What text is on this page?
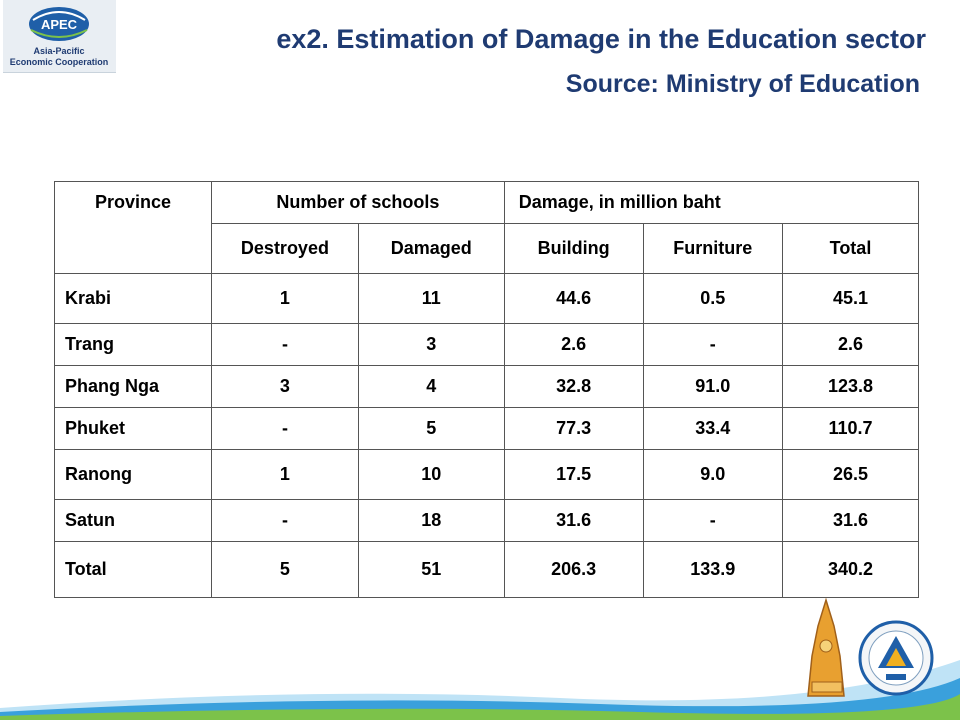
APEC
Asia-Pacific
Economic Cooperation
ex2. Estimation of Damage in the Education sector
Source: Ministry of Education
Province	Number of schools		Damage, in million baht		
	Destroyed	Damaged	Building	Furniture	Total
Krabi	1	11	44.6	0.5	45.1
Trang	-	3	2.6	-	2.6
Phang Nga	3	4	32.8	91.0	123.8
Phuket	-	5	77.3	33.4	110.7
Ranong	1	10	17.5	9.0	26.5
Satun	-	18	31.6	-	31.6
Total	5	51	206.3	133.9	340.2
